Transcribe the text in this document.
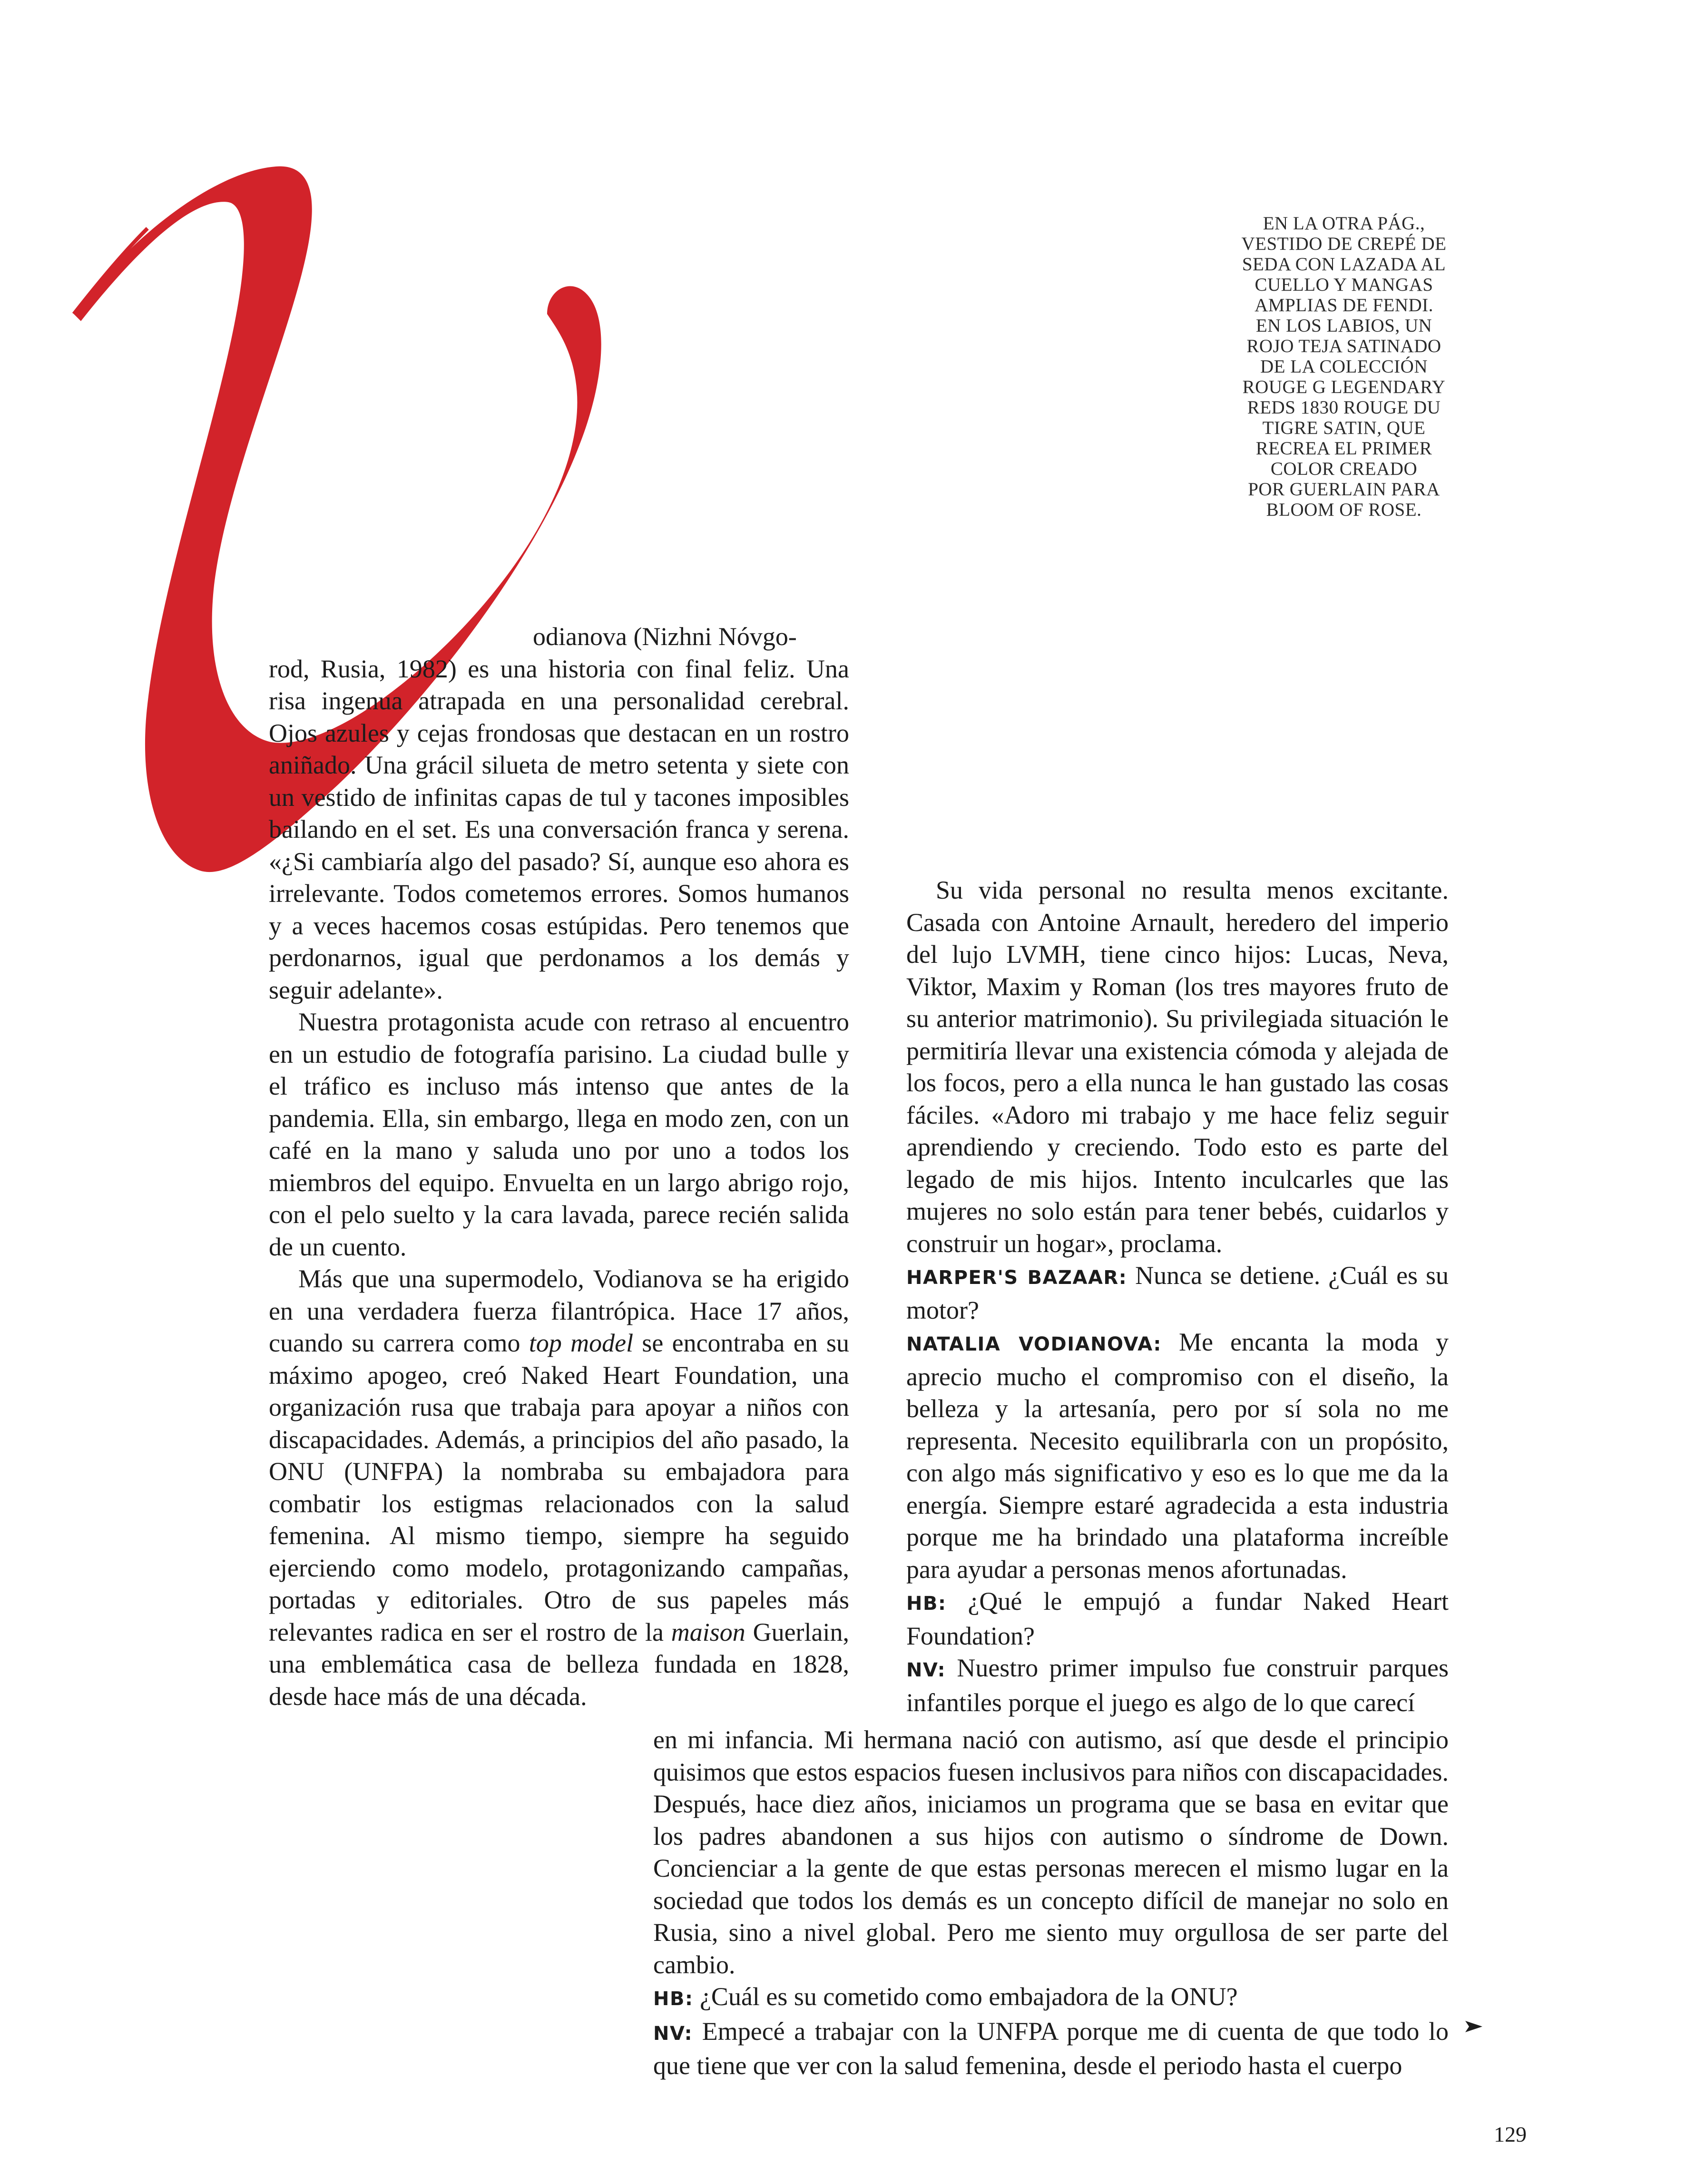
EN LA OTRA PÁG.,
VESTIDO DE CREPÉ DE
SEDA CON LAZADA AL
CUELLO Y MANGAS
AMPLIAS DE FENDI.
EN LOS LABIOS, UN
ROJO TEJA SATINADO
DE LA COLECCIÓN
ROUGE G LEGENDARY
REDS 1830 ROUGE DU
TIGRE SATIN, QUE
RECREA EL PRIMER
COLOR CREADO
POR GUERLAIN PARA
BLOOM OF ROSE.

odianova (Nizhni Nóvgo-
rod, Rusia, 1982) es una historia con final feliz. Una risa ingenua atrapada en una personalidad cerebral. Ojos azules y cejas frondosas que destacan en un rostro aniñado. Una grácil silueta de metro setenta y siete con un vestido de infinitas capas de tul y tacones imposibles bailando en el set. Es una conversación franca y serena. «¿Si cambiaría algo del pasado? Sí, aunque eso ahora es irrelevante. Todos cometemos errores. Somos humanos y a veces hacemos cosas estúpidas. Pero tenemos que perdonarnos, igual que perdonamos a los demás y seguir adelante».

Nuestra protagonista acude con retraso al encuentro en un estudio de fotografía parisino. La ciudad bulle y el tráfico es incluso más intenso que antes de la pandemia. Ella, sin embargo, llega en modo zen, con un café en la mano y saluda uno por uno a todos los miembros del equipo. Envuelta en un largo abrigo rojo, con el pelo suelto y la cara lavada, parece recién salida de un cuento.

Más que una supermodelo, Vodianova se ha erigido en una verdadera fuerza filantrópica. Hace 17 años, cuando su carrera como top model se encontraba en su máximo apogeo, creó Naked Heart Foundation, una organización rusa que trabaja para apoyar a niños con discapacidades. Además, a principios del año pasado, la ONU (UNFPA) la nombraba su embajadora para combatir los estigmas relacionados con la salud femenina. Al mismo tiempo, siempre ha seguido ejerciendo como modelo, protagonizando campañas, portadas y editoriales. Otro de sus papeles más relevantes radica en ser el rostro de la maison Guerlain, una emblemática casa de belleza fundada en 1828, desde hace más de una década.

Su vida personal no resulta menos excitante. Casada con Antoine Arnault, heredero del imperio del lujo LVMH, tiene cinco hijos: Lucas, Neva, Viktor, Maxim y Roman (los tres mayores fruto de su anterior matrimonio). Su privilegiada situación le permitiría llevar una existencia cómoda y alejada de los focos, pero a ella nunca le han gustado las cosas fáciles. «Adoro mi trabajo y me hace feliz seguir aprendiendo y creciendo. Todo esto es parte del legado de mis hijos. Intento inculcarles que las mujeres no solo están para tener bebés, cuidarlos y construir un hogar», proclama.

HARPER'S BAZAAR: Nunca se detiene. ¿Cuál es su motor?

NATALIA VODIANOVA: Me encanta la moda y aprecio mucho el compromiso con el diseño, la belleza y la artesanía, pero por sí sola no me representa. Necesito equilibrarla con un propósito, con algo más significativo y eso es lo que me da la energía. Siempre estaré agradecida a esta industria porque me ha brindado una plataforma increíble para ayudar a personas menos afortunadas.

HB: ¿Qué le empujó a fundar Naked Heart Foundation?

NV: Nuestro primer impulso fue construir parques infantiles porque el juego es algo de lo que carecí

en mi infancia. Mi hermana nació con autismo, así que desde el principio quisimos que estos espacios fuesen inclusivos para niños con discapacidades. Después, hace diez años, iniciamos un programa que se basa en evitar que los padres abandonen a sus hijos con autismo o síndrome de Down. Concienciar a la gente de que estas personas merecen el mismo lugar en la sociedad que todos los demás es un concepto difícil de manejar no solo en Rusia, sino a nivel global. Pero me siento muy orgullosa de ser parte del cambio.

HB: ¿Cuál es su cometido como embajadora de la ONU?

NV: Empecé a trabajar con la UNFPA porque me di cuenta de que todo lo que tiene que ver con la salud femenina, desde el periodo hasta el cuerpo

129
